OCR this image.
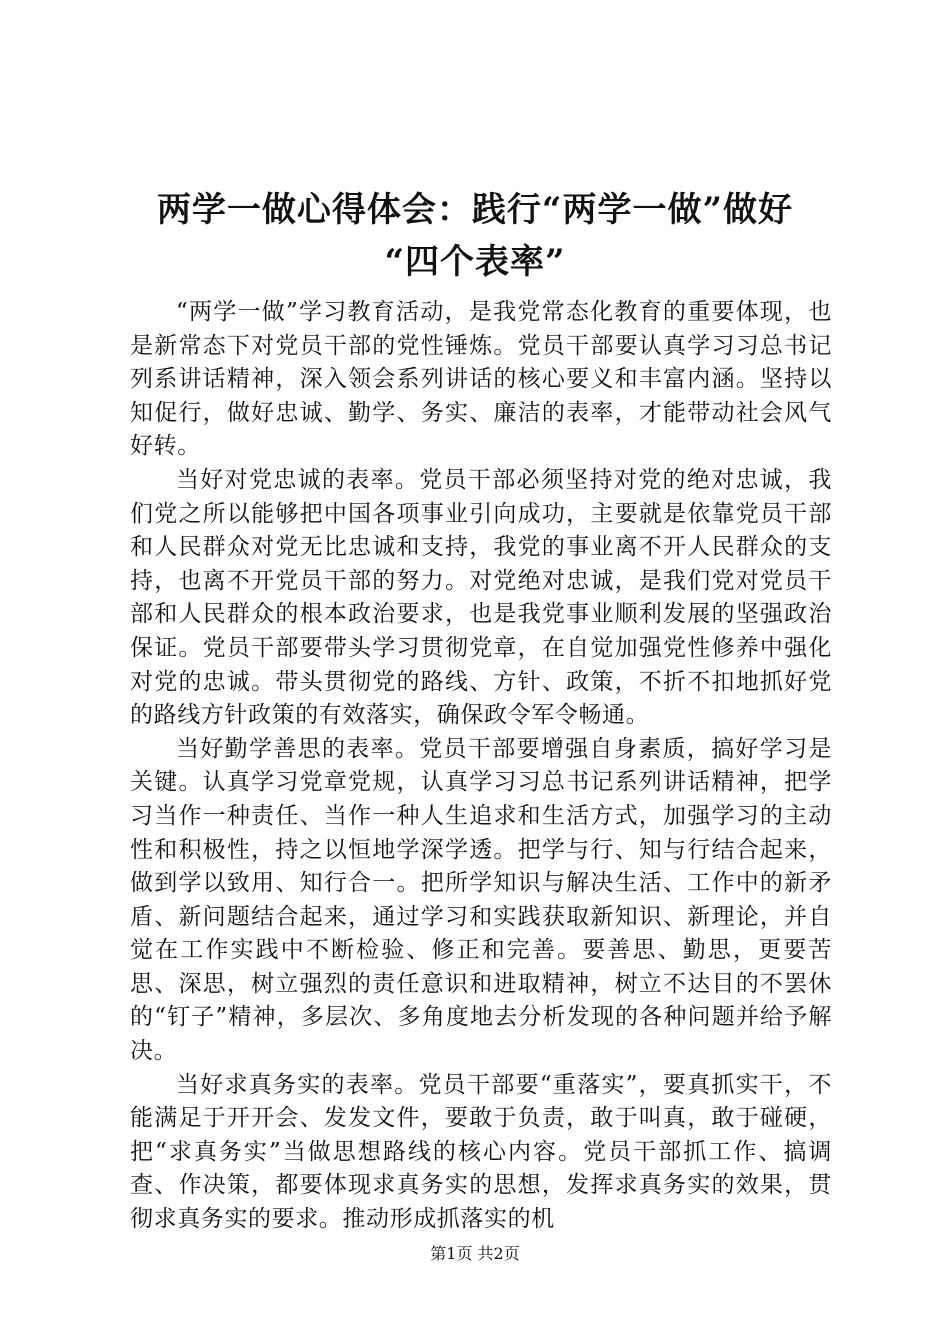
两学一做心得体会：践行“两学一做”做好
“四个表率”

“两学一做”学习教育活动，是我党常态化教育的重要体现，也是新常态下对党员干部的党性锤炼。党员干部要认真学习习总书记列系讲话精神，深入领会系列讲话的核心要义和丰富内涵。坚持以知促行，做好忠诚、勤学、务实、廉洁的表率，才能带动社会风气好转。

当好对党忠诚的表率。党员干部必须坚持对党的绝对忠诚，我们党之所以能够把中国各项事业引向成功，主要就是依靠党员干部和人民群众对党无比忠诚和支持，我党的事业离不开人民群众的支持，也离不开党员干部的努力。对党绝对忠诚，是我们党对党员干部和人民群众的根本政治要求，也是我党事业顺利发展的坚强政治保证。党员干部要带头学习贯彻党章，在自觉加强党性修养中强化对党的忠诚。带头贯彻党的路线、方针、政策，不折不扣地抓好党的路线方针政策的有效落实，确保政令军令畅通。

当好勤学善思的表率。党员干部要增强自身素质，搞好学习是关键。认真学习党章党规，认真学习习总书记系列讲话精神，把学习当作一种责任、当作一种人生追求和生活方式，加强学习的主动性和积极性，持之以恒地学深学透。把学与行、知与行结合起来，做到学以致用、知行合一。把所学知识与解决生活、工作中的新矛盾、新问题结合起来，通过学习和实践获取新知识、新理论，并自觉在工作实践中不断检验、修正和完善。要善思、勤思，更要苦思、深思，树立强烈的责任意识和进取精神，树立不达目的不罢休的“钉子”精神，多层次、多角度地去分析发现的各种问题并给予解决。

当好求真务实的表率。党员干部要“重落实”，要真抓实干，不能满足于开开会、发发文件，要敢于负责，敢于叫真，敢于碰硬，把“求真务实”当做思想路线的核心内容。党员干部抓工作、搞调查、作决策，都要体现求真务实的思想，发挥求真务实的效果，贯彻求真务实的要求。推动形成抓落实的机

第1页 共2页
